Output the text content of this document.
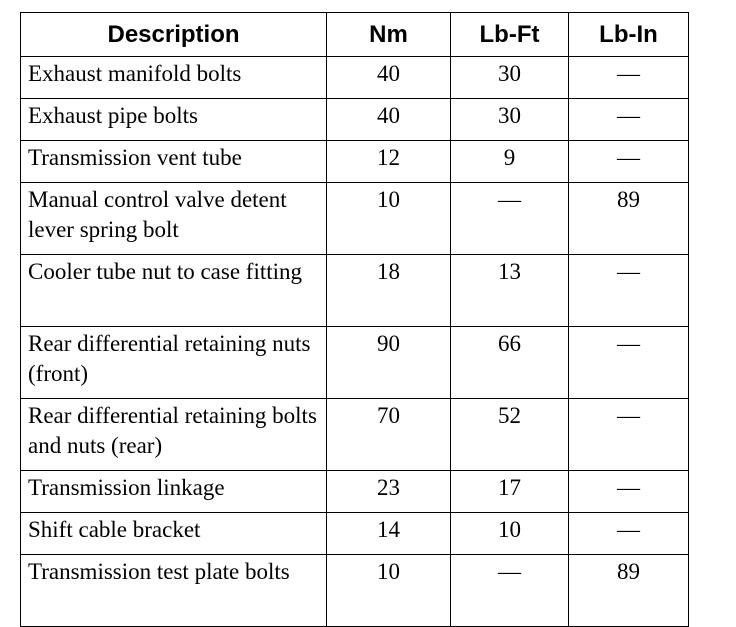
Description	Nm	Lb-Ft	Lb-In
Exhaust manifold bolts	40	30	—
Exhaust pipe bolts	40	30	—
Transmission vent tube	12	9	—
Manual control valve detent lever spring bolt	10	—	89
Cooler tube nut to case fitting	18	13	—
Rear differential retaining nuts (front)	90	66	—
Rear differential retaining bolts and nuts (rear)	70	52	—
Transmission linkage	23	17	—
Shift cable bracket	14	10	—
Transmission test plate bolts	10	—	89
